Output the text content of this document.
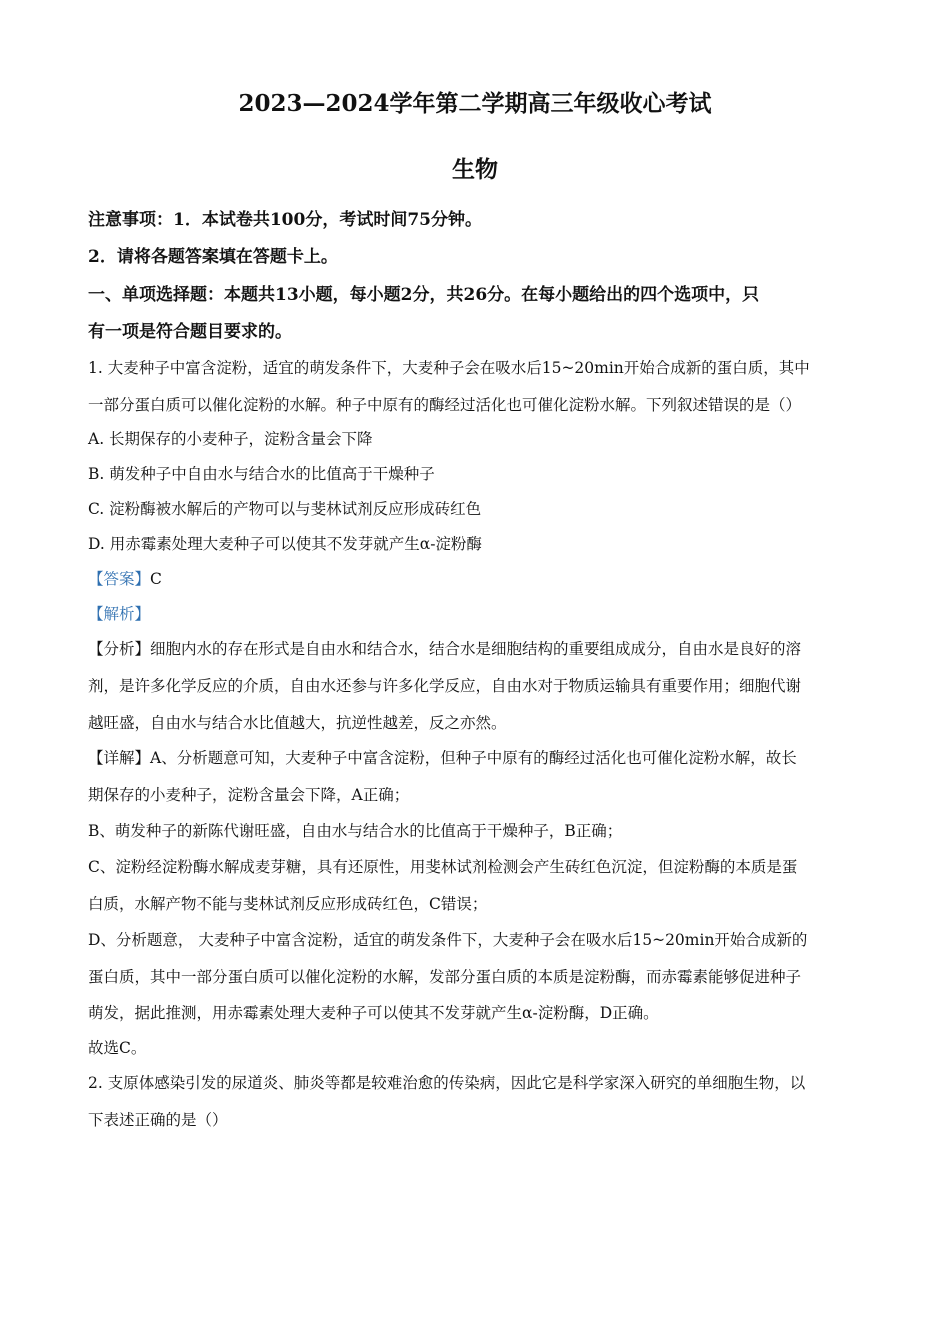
2023—2024学年第二学期高三年级收心考试
生物

注意事项：1．本试卷共100分，考试时间75分钟。

2．请将各题答案填在答题卡上。

一、单项选择题：本题共13小题，每小题2分，共26分。在每小题给出的四个选项中，只

有一项是符合题目要求的。

1. 大麦种子中富含淀粉，适宜的萌发条件下，大麦种子会在吸水后15~20min开始合成新的蛋白质，其中

一部分蛋白质可以催化淀粉的水解。种子中原有的酶经过活化也可催化淀粉水解。下列叙述错误的是（）

A. 长期保存的小麦种子，淀粉含量会下降

B. 萌发种子中自由水与结合水的比值高于干燥种子

C. 淀粉酶被水解后的产物可以与斐林试剂反应形成砖红色

D. 用赤霉素处理大麦种子可以使其不发芽就产生α-淀粉酶

【答案】C

【解析】

【分析】细胞内水的存在形式是自由水和结合水，结合水是细胞结构的重要组成成分，自由水是良好的溶

剂，是许多化学反应的介质，自由水还参与许多化学反应，自由水对于物质运输具有重要作用；细胞代谢

越旺盛，自由水与结合水比值越大，抗逆性越差，反之亦然。

【详解】A、分析题意可知，大麦种子中富含淀粉，但种子中原有的酶经过活化也可催化淀粉水解，故长

期保存的小麦种子，淀粉含量会下降，A正确；

B、萌发种子的新陈代谢旺盛，自由水与结合水的比值高于干燥种子，B正确；

C、淀粉经淀粉酶水解成麦芽糖，具有还原性，用斐林试剂检测会产生砖红色沉淀，但淀粉酶的本质是蛋

白质，水解产物不能与斐林试剂反应形成砖红色，C错误；

D、分析题意， 大麦种子中富含淀粉，适宜的萌发条件下，大麦种子会在吸水后15~20min开始合成新的

蛋白质，其中一部分蛋白质可以催化淀粉的水解，发部分蛋白质的本质是淀粉酶，而赤霉素能够促进种子

萌发，据此推测，用赤霉素处理大麦种子可以使其不发芽就产生α-淀粉酶，D正确。

故选C。

2. 支原体感染引发的尿道炎、肺炎等都是较难治愈的传染病，因此它是科学家深入研究的单细胞生物，以

下表述正确的是（）
